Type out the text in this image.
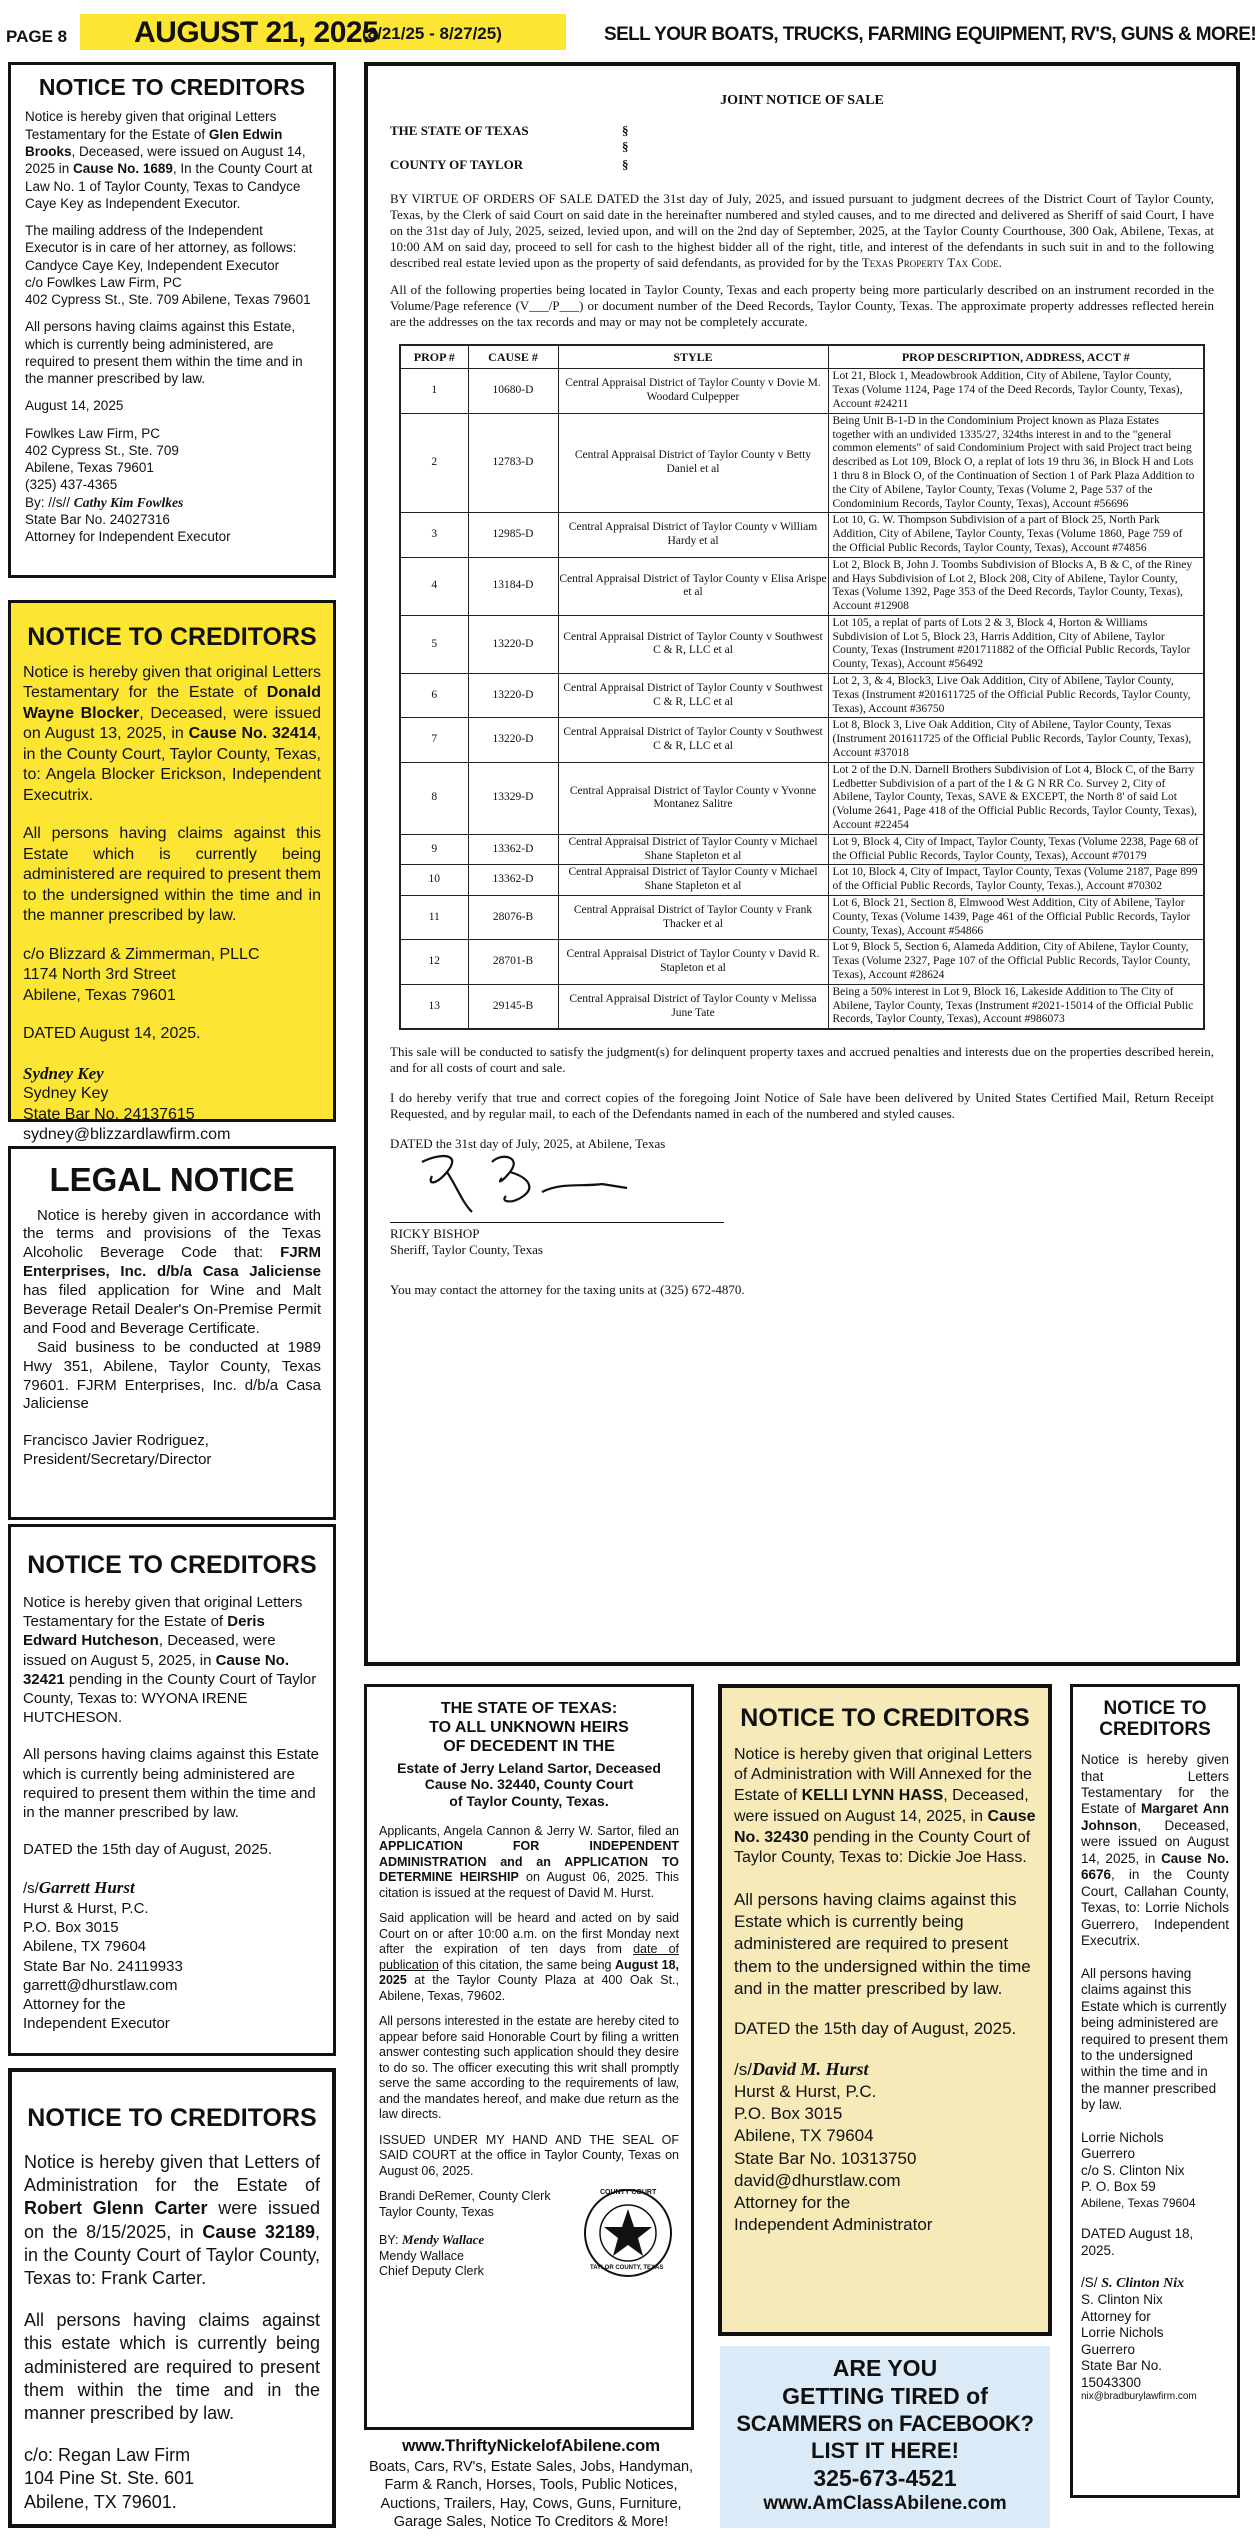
PAGE 8 AUGUST 21, 2025
(8/21/25 - 8/27/25)	SELL YOUR BOATS, TRUCKS, FARMING EQUIPMENT, RV'S, GUNS & MORE!
NOTICE TO CREDITORS

Notice is hereby given that original Letters Testamentary for the Estate of Glen Edwin Brooks, Deceased, were issued on August 14, 2025 in Cause No. 1689, In the County Court at Law No. 1 of Taylor County, Texas to Candyce Caye Key as Independent Executor.

The mailing address of the Independent Executor is in care of her attorney, as follows:

Candyce Caye Key, Independent Executor

c/o Fowlkes Law Firm, PC

402 Cypress St., Ste. 709 Abilene, Texas 79601

All persons having claims against this Estate, which is currently being administered, are required to present them within the time and in the manner prescribed by law.

August 14, 2025

Fowlkes Law Firm, PC

402 Cypress St., Ste. 709

Abilene, Texas 79601

(325) 437-4365

By: //s// Cathy Kim Fowlkes

State Bar No. 24027316

Attorney for Independent Executor

NOTICE TO CREDITORS

Notice is hereby given that original Letters Testamentary for the Estate of Donald Wayne Blocker, Deceased, were issued on August 13, 2025, in Cause No. 32414, in the County Court, Taylor County, Texas, to: Angela Blocker Erickson, Independent Executrix.

All persons having claims against this Estate which is currently being administered are required to present them to the undersigned within the time and in the manner prescribed by law.

c/o Blizzard & Zimmerman, PLLC

1174 North 3rd Street

Abilene, Texas 79601

DATED August 14, 2025.

Sydney Key

Sydney Key

State Bar No. 24137615

sydney@blizzardlawfirm.com

LEGAL NOTICE

Notice is hereby given in accordance with the terms and provisions of the Texas Alcoholic Beverage Code that: FJRM Enterprises, Inc. d/b/a Casa Jaliciense has filed application for Wine and Malt Beverage Retail Dealer's On-Premise Permit and Food and Beverage Certificate.

Said business to be conducted at 1989 Hwy 351, Abilene, Taylor County, Texas 79601. FJRM Enterprises, Inc. d/b/a Casa Jaliciense

Francisco Javier Rodriguez,

President/Secretary/Director

NOTICE TO CREDITORS

Notice is hereby given that original Letters Testamentary for the Estate of Deris Edward Hutcheson, Deceased, were issued on August 5, 2025, in Cause No. 32421 pending in the County Court of Taylor County, Texas to: WYONA IRENE HUTCHESON.

All persons having claims against this Estate which is currently being administered are required to present them within the time and in the manner prescribed by law.

DATED the 15th day of August, 2025.

/s/Garrett Hurst

Hurst & Hurst, P.C.

P.O. Box 3015

Abilene, TX 79604

State Bar No. 24119933

garrett@dhurstlaw.com

Attorney for the

Independent Executor

NOTICE TO CREDITORS

Notice is hereby given that Letters of Administration for the Estate of Robert Glenn Carter were issued on the 8/15/2025, in Cause 32189, in the County Court of Taylor County, Texas to: Frank Carter.

All persons having claims against this estate which is currently being administered are required to present them within the time and in the manner prescribed by law.

c/o: Regan Law Firm

104 Pine St. Ste. 601

Abilene, TX 79601.

JOINT NOTICE OF SALE
THE STATE OF TEXAS	§
§
COUNTY OF TAYLOR	§

BY VIRTUE OF ORDERS OF SALE DATED the 31st day of July, 2025, and issued pursuant to judgment decrees of the District Court of Taylor County, Texas, by the Clerk of said Court on said date in the hereinafter numbered and styled causes, and to me directed and delivered as Sheriff of said Court, I have on the 31st day of July, 2025, seized, levied upon, and will on the 2nd day of September, 2025, at the Taylor County Courthouse, 300 Oak, Abilene, Texas, at 10:00 AM on said day, proceed to sell for cash to the highest bidder all of the right, title, and interest of the defendants in such suit in and to the following described real estate levied upon as the property of said defendants, as provided for by the Texas Property Tax Code.

All of the following properties being located in Taylor County, Texas and each property being more particularly described on an instrument recorded in the Volume/Page reference (V___/P___) or document number of the Deed Records, Taylor County, Texas. The approximate property addresses reflected herein are the addresses on the tax records and may or may not be completely accurate.

PROP #	CAUSE #	STYLE	PROP DESCRIPTION, ADDRESS, ACCT #
1	10680-D	Central Appraisal District of Taylor County v Dovie M. Woodard Culpepper	Lot 21, Block 1, Meadowbrook Addition, City of Abilene, Taylor County, Texas (Volume 1124, Page 174 of the Deed Records, Taylor County, Texas), Account #24211
2	12783-D	Central Appraisal District of Taylor County v Betty Daniel et al	Being Unit B-1-D in the Condominium Project known as Plaza Estates together with an undivided 1335/27, 324ths interest in and to the "general common elements" of said Condominium Project with said Project tract being described as Lot 109, Block O, a replat of lots 19 thru 36, in Block H and Lots 1 thru 8 in Block O, of the Continuation of Section 1 of Park Plaza Addition to the City of Abilene, Taylor County, Texas (Volume 2, Page 537 of the Condominium Records, Taylor County, Texas), Account #56696
3	12985-D	Central Appraisal District of Taylor County v William Hardy et al	Lot 10, G. W. Thompson Subdivision of a part of Block 25, North Park Addition, City of Abilene, Taylor County, Texas (Volume 1860, Page 759 of the Official Public Records, Taylor County, Texas), Account #74856
4	13184-D	Central Appraisal District of Taylor County v Elisa Arispe et al	Lot 2, Block B, John J. Toombs Subdivision of Blocks A, B & C, of the Riney and Hays Subdivision of Lot 2, Block 208, City of Abilene, Taylor County, Texas (Volume 1392, Page 353 of the Deed Records, Taylor County, Texas), Account #12908
5	13220-D	Central Appraisal District of Taylor County v Southwest C & R, LLC et al	Lot 105, a replat of parts of Lots 2 & 3, Block 4, Horton & Williams Subdivision of Lot 5, Block 23, Harris Addition, City of Abilene, Taylor County, Texas (Instrument #201711882 of the Official Public Records, Taylor County, Texas), Account #56492
6	13220-D	Central Appraisal District of Taylor County v Southwest C & R, LLC et al	Lot 2, 3, & 4, Block3, Live Oak Addition, City of Abilene, Taylor County, Texas (Instrument #201611725 of the Official Public Records, Taylor County, Texas), Account #36750
7	13220-D	Central Appraisal District of Taylor County v Southwest C & R, LLC et al	Lot 8, Block 3, Live Oak Addition, City of Abilene, Taylor County, Texas (Instrument 201611725 of the Official Public Records, Taylor County, Texas), Account #37018
8	13329-D	Central Appraisal District of Taylor County v Yvonne Montanez Salitre	Lot 2 of the D.N. Darnell Brothers Subdivision of Lot 4, Block C, of the Barry Ledbetter Subdivision of a part of the I & G N RR Co. Survey 2, City of Abilene, Taylor County, Texas, SAVE & EXCEPT, the North 8' of said Lot (Volume 2641, Page 418 of the Official Public Records, Taylor County, Texas), Account #22454
9	13362-D	Central Appraisal District of Taylor County v Michael Shane Stapleton et al	Lot 9, Block 4, City of Impact, Taylor County, Texas (Volume 2238, Page 68 of the Official Public Records, Taylor County, Texas), Account #70179
10	13362-D	Central Appraisal District of Taylor County v Michael Shane Stapleton et al	Lot 10, Block 4, City of Impact, Taylor County, Texas (Volume 2187, Page 899 of the Official Public Records, Taylor County, Texas.), Account #70302
11	28076-B	Central Appraisal District of Taylor County v Frank Thacker et al	Lot 6, Block 21, Section 8, Elmwood West Addition, City of Abilene, Taylor County, Texas (Volume 1439, Page 461 of the Official Public Records, Taylor County, Texas), Account #54866
12	28701-B	Central Appraisal District of Taylor County v David R. Stapleton et al	Lot 9, Block 5, Section 6, Alameda Addition, City of Abilene, Taylor County, Texas (Volume 2327, Page 107 of the Official Public Records, Taylor County, Texas), Account #28624
13	29145-B	Central Appraisal District of Taylor County v Melissa June Tate	Being a 50% interest in Lot 9, Block 16, Lakeside Addition to The City of Abilene, Taylor County, Texas (Instrument #2021-15014 of the Official Public Records, Taylor County, Texas), Account #986073

This sale will be conducted to satisfy the judgment(s) for delinquent property taxes and accrued penalties and interests due on the properties described herein, and for all costs of court and sale.

I do hereby verify that true and correct copies of the foregoing Joint Notice of Sale have been delivered by United States Certified Mail, Return Receipt Requested, and by regular mail, to each of the Defendants named in each of the numbered and styled causes.

DATED the 31st day of July, 2025, at Abilene, Texas
RICKY BISHOP
Sheriff, Taylor County, Texas

You may contact the attorney for the taxing units at (325) 672-4870.

THE STATE OF TEXAS:

TO ALL UNKNOWN HEIRS

OF DECEDENT IN THE

Estate of Jerry Leland Sartor, Deceased

Cause No. 32440, County Court

of Taylor County, Texas.

Applicants, Angela Cannon & Jerry W. Sartor, filed an APPLICATION FOR INDEPENDENT ADMINISTRATION and an APPLICATION TO DETERMINE HEIRSHIP on August 06, 2025. This citation is issued at the request of David M. Hurst.

Said application will be heard and acted on by said Court on or after 10:00 a.m. on the first Monday next after the expiration of ten days from date of publication of this citation, the same being August 18, 2025 at the Taylor County Plaza at 400 Oak St., Abilene, Texas, 79602.

All persons interested in the estate are hereby cited to appear before said Honorable Court by filing a written answer contesting such application should they desire to do so. The officer executing this writ shall promptly serve the same according to the requirements of law, and the mandates hereof, and make due return as the law directs.

ISSUED UNDER MY HAND AND THE SEAL OF SAID COURT at the office in Taylor County, Texas on August 06, 2025.

Brandi DeRemer, County Clerk

Taylor County, Texas

BY: Mendy Wallace

Mendy Wallace

Chief Deputy Clerk

COUNTY COURT
TAYLOR COUNTY, TEXAS
www.ThriftyNickelofAbilene.com
Boats, Cars, RV's, Estate Sales, Jobs, Handyman, Farm & Ranch, Horses, Tools, Public Notices, Auctions, Trailers, Hay, Cows, Guns, Furniture, Garage Sales, Notice To Creditors & More!
NOTICE TO CREDITORS

Notice is hereby given that original Letters of Administration with Will Annexed for the Estate of KELLI LYNN HASS, Deceased, were issued on August 14, 2025, in Cause No. 32430 pending in the County Court of Taylor County, Texas to: Dickie Joe Hass.

All persons having claims against this Estate which is currently being administered are required to present them to the undersigned within the time and in the matter prescribed by law.

DATED the 15th day of August, 2025.

/s/David M. Hurst

Hurst & Hurst, P.C.

P.O. Box 3015

Abilene, TX 79604

State Bar No. 10313750

david@dhurstlaw.com

Attorney for the

Independent Administrator

ARE YOU
GETTING TIRED of
SCAMMERS on FACEBOOK?
LIST IT HERE!
325-673-4521
www.AmClassAbilene.com

NOTICE TO

CREDITORS

Notice is hereby given that Letters Testamentary for the Estate of Margaret Ann Johnson, Deceased, were issued on August 14, 2025, in Cause No. 6676, in the County Court, Callahan County, Texas, to: Lorrie Nichols Guerrero, Independent Executrix.

All persons having claims against this Estate which is currently being administered are required to present them to the undersigned within the time and in the manner prescribed by law.

Lorrie Nichols

Guerrero

c/o S. Clinton Nix

P. O. Box 59

Abilene, Texas 79604

DATED August 18, 2025.

/S/ S. Clinton Nix

S. Clinton Nix

Attorney for

Lorrie Nichols

Guerrero

State Bar No.

15043300

nix@bradburylawfirm.com
